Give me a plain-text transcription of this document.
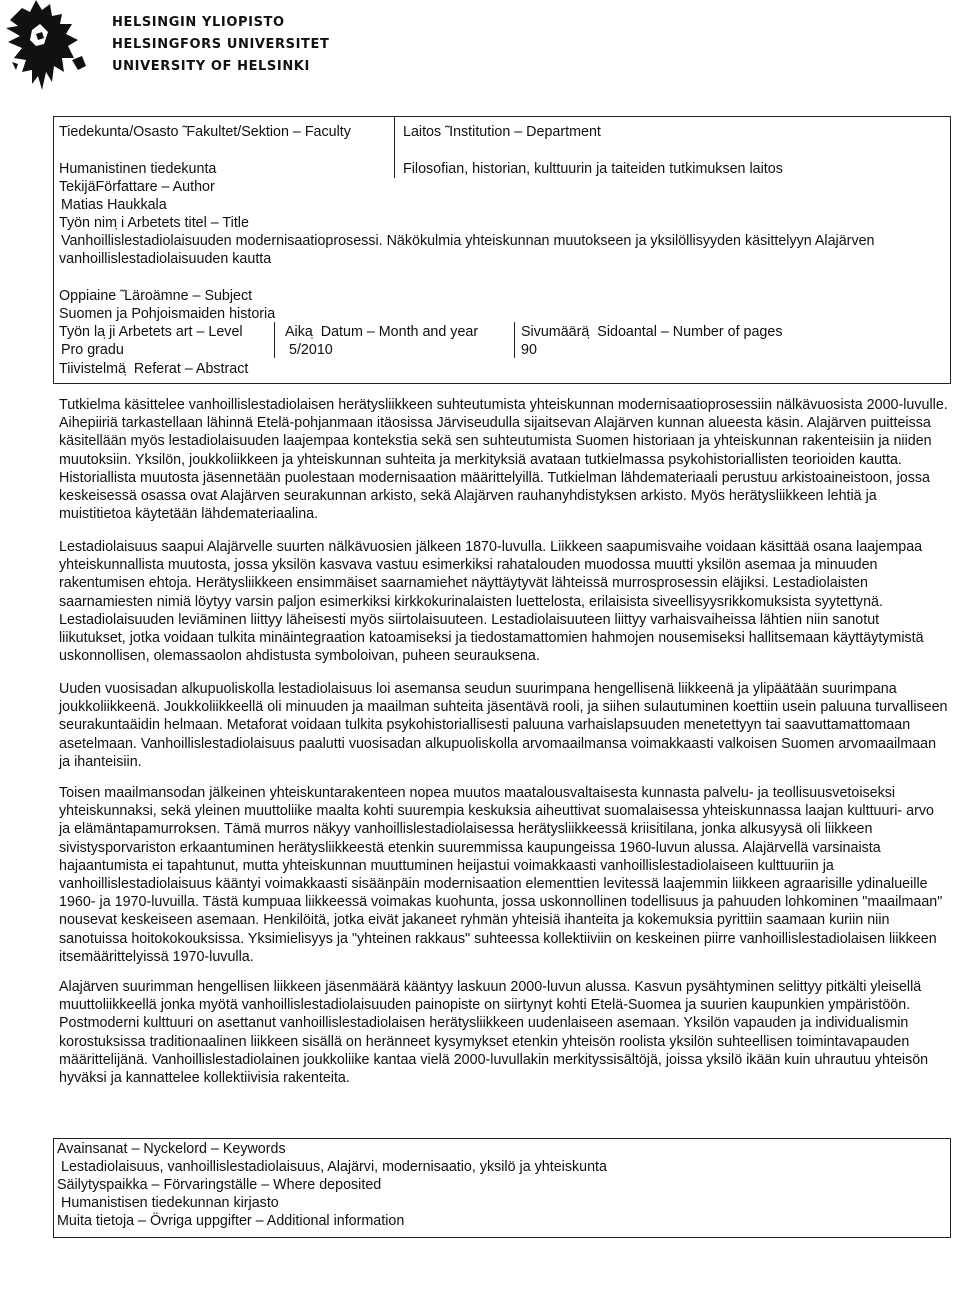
HELSINGIN YLIOPISTO
HELSINGFORS UNIVERSITET
UNIVERSITY OF HELSINKI
Tiedekunta/Osasto ̃ Fakultet/Sektion – Faculty	Laitos ̃ Institution – Department
Humanistinen tiedekunta	Filosofian, historian, kulttuurin ja taiteiden tutkimuksen laitos
TekijäFörfattare – Author
Matias Haukkala
Työn nim ̣i Arbetets titel – Title
Vanhoillislestadiolaisuuden modernisaatioprosessi. Näkökulmia yhteiskunnan muutokseen ja yksilöllisyyden käsittelyyn Alajärven
vanhoillislestadiolaisuuden kautta
Oppiaine ̃ Läroämne – Subject
Suomen ja Pohjoismaiden historia
Työn la ̣ji Arbetets art – Level
Pro gradu
Aika ̣ Datum – Month and year
5/2010
Sivumäärä ̣ Sidoantal – Number of pages
90
Tiivistelmä ̣ Referat – Abstract

Tutkielma käsittelee vanhoillislestadiolaisen herätysliikkeen suhteutumista yhteiskunnan modernisaatioprosessiin nälkävuosista 2000-luvulle. Aihepiiriä tarkastellaan lähinnä Etelä-pohjanmaan itäosissa Järviseudulla sijaitsevan Alajärven kunnan alueesta käsin. Alajärven puitteissa käsitellään myös lestadiolaisuuden laajempaa kontekstia sekä sen suhteutumista Suomen historiaan ja yhteiskunnan rakenteisiin ja niiden muutoksiin. Yksilön, joukkoliikkeen ja yhteiskunnan suhteita ja merkityksiä avataan tutkielmassa psykohistoriallisten teorioiden kautta. Historiallista muutosta jäsennetään puolestaan modernisaation määrittelyillä. Tutkielman lähdemateriaali perustuu arkistoaineistoon, jossa keskeisessä osassa ovat Alajärven seurakunnan arkisto, sekä Alajärven rauhanyhdistyksen arkisto. Myös herätysliikkeen lehtiä ja muistitietoa käytetään lähdemateriaalina.

Lestadiolaisuus saapui Alajärvelle suurten nälkävuosien jälkeen 1870-luvulla. Liikkeen saapumisvaihe voidaan käsittää osana laajempaa yhteiskunnallista muutosta, jossa yksilön kasvava vastuu esimerkiksi rahatalouden muodossa muutti yksilön asemaa ja minuuden rakentumisen ehtoja. Herätysliikkeen ensimmäiset saarnamiehet näyttäytyvät lähteissä murrosprosessin eläjiksi. Lestadiolaisten saarnamiesten nimiä löytyy varsin paljon esimerkiksi kirkkokurinalaisten luettelosta, erilaisista siveellisyysrikkomuksista syytettynä. Lestadiolaisuuden leviäminen liittyy läheisesti myös siirtolaisuuteen. Lestadiolaisuuteen liittyy varhaisvaiheissa lähtien niin sanotut liikutukset, jotka voidaan tulkita minäintegraation katoamiseksi ja tiedostamattomien hahmojen nousemiseksi hallitsemaan käyttäytymistä uskonnollisen, olemassaolon ahdistusta symboloivan, puheen seurauksena.

Uuden vuosisadan alkupuoliskolla lestadiolaisuus loi asemansa seudun suurimpana hengellisenä liikkeenä ja ylipäätään suurimpana joukkoliikkeenä. Joukkoliikkeellä oli minuuden ja maailman suhteita jäsentävä rooli, ja siihen sulautuminen koettiin usein paluuna turvalliseen seurakuntaäidin helmaan. Metaforat voidaan tulkita psykohistoriallisesti paluuna varhaislapsuuden menetettyyn tai saavuttamattomaan asetelmaan. Vanhoillislestadiolaisuus paalutti vuosisadan alkupuoliskolla arvomaailmansa voimakkaasti valkoisen Suomen arvomaailmaan ja ihanteisiin.

Toisen maailmansodan jälkeinen yhteiskuntarakenteen nopea muutos maatalousvaltaisesta kunnasta palvelu- ja teollisuusvetoiseksi yhteiskunnaksi, sekä yleinen muuttoliike maalta kohti suurempia keskuksia aiheuttivat suomalaisessa yhteiskunnassa laajan kulttuuri- arvo ja elämäntapamurroksen. Tämä murros näkyy vanhoillislestadiolaisessa herätysliikkeessä kriisitilana, jonka alkusyysä oli liikkeen sivistysporvariston erkaantuminen herätysliikkeestä etenkin suuremmissa kaupungeissa 1960-luvun alussa. Alajärvellä varsinaista hajaantumista ei tapahtunut, mutta yhteiskunnan muuttuminen heijastui voimakkaasti vanhoillislestadiolaiseen kulttuuriin ja vanhoillislestadiolaisuus kääntyi voimakkaasti sisäänpäin modernisaation elementtien levitessä laajemmin liikkeen agraarisille ydinalueille 1960- ja 1970-luvuilla. Tästä kumpuaa liikkeessä voimakas kuohunta, jossa uskonnollinen todellisuus ja pahuuden lohkominen "maailmaan" nousevat keskeiseen asemaan. Henkilöitä, jotka eivät jakaneet ryhmän yhteisiä ihanteita ja kokemuksia pyrittiin saamaan kuriin niin sanotuissa hoitokokouksissa. Yksimielisyys ja "yhteinen rakkaus" suhteessa kollektiiviin on keskeinen piirre vanhoillislestadiolaisen liikkeen itsemäärittelyissä 1970-luvulla.

Alajärven suurimman hengellisen liikkeen jäsenmäärä kääntyy laskuun 2000-luvun alussa. Kasvun pysähtyminen selittyy pitkälti yleisellä muuttoliikkeellä jonka myötä vanhoillislestadiolaisuuden painopiste on siirtynyt kohti Etelä-Suomea ja suurien kaupunkien ympäristöön. Postmoderni kulttuuri on asettanut vanhoillislestadiolaisen herätysliikkeen uudenlaiseen asemaan. Yksilön vapauden ja individualismin korostuksissa traditionaalinen liikkeen sisällä on heränneet kysymykset etenkin yhteisön roolista yksilön suhteellisen toimintavapauden määrittelijänä. Vanhoillislestadiolainen joukkoliike kantaa vielä 2000-luvullakin merkityssisältöjä, joissa yksilö ikään kuin uhrautuu yhteisön hyväksi ja kannattelee kollektiivisia rakenteita.

Avainsanat – Nyckelord – Keywords
Lestadiolaisuus, vanhoillislestadiolaisuus, Alajärvi, modernisaatio, yksilö ja yhteiskunta
Säilytyspaikka – Förvaringställe – Where deposited
Humanistisen tiedekunnan kirjasto
Muita tietoja – Övriga uppgifter – Additional information
